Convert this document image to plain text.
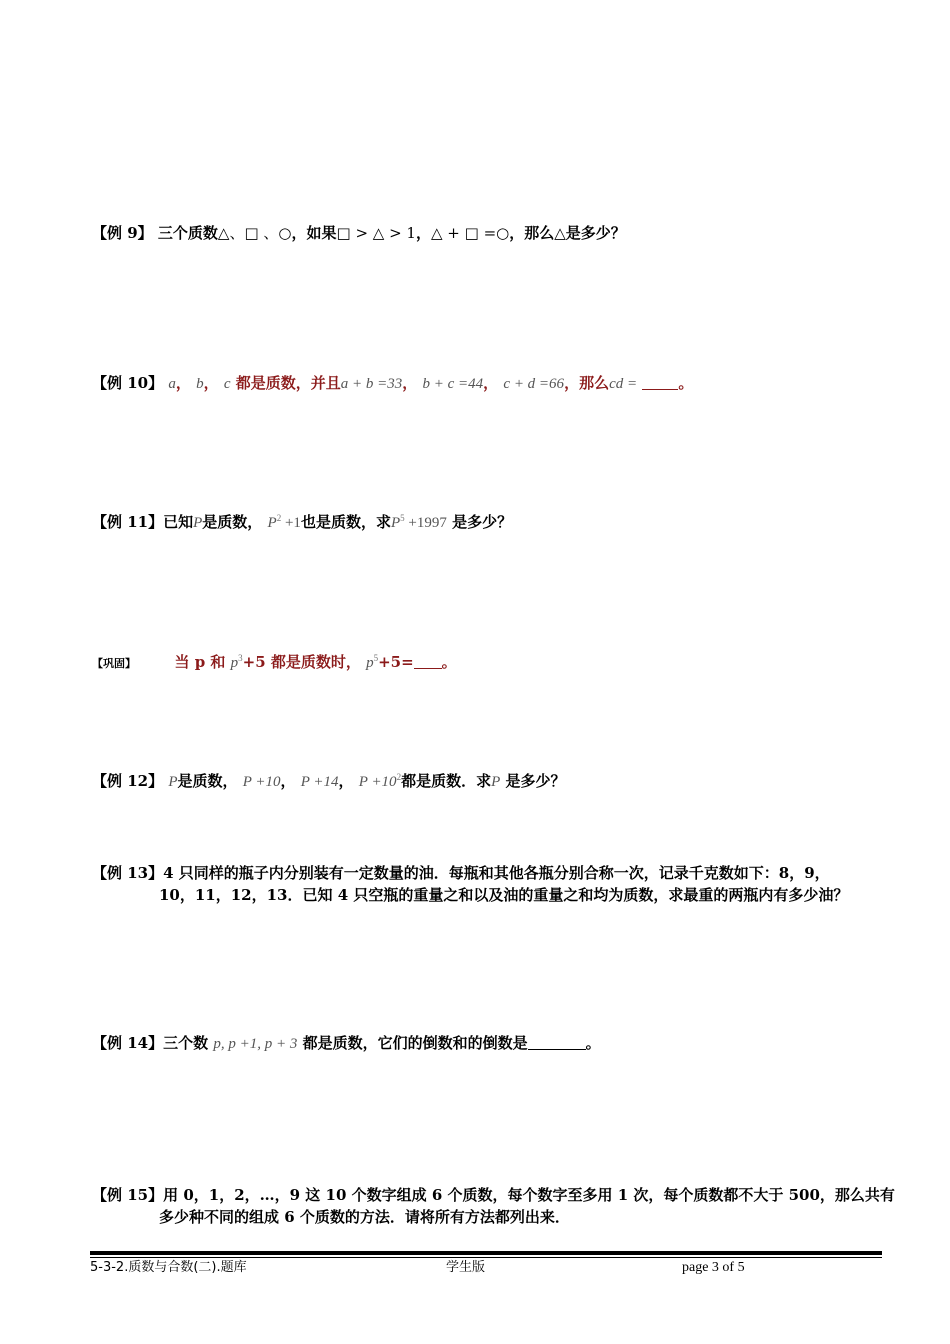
【例 9】 三个质数△、□ 、○，如果□ > △ > 1，△ + □ =○，那么△是多少？
【例 10】 a， b， c 都是质数，并且a + b =33， b + c =44， c + d =66，那么cd =	。
【例 11】已知P是质数， $P^2 +1$也是质数，求$P^5 +1997$ 是多少？
【巩固】	当 p 和 $p^3+5$ 都是质数时， $p^5+5=$ 。
【例 12】 P是质数， P +10， P +14， $P +10^2$都是质数．求P 是多少？
【例 13】4 只同样的瓶子内分别装有一定数量的油．每瓶和其他各瓶分别合称一次，记录千克数如下：8，9，
10，11，12，13．已知 4 只空瓶的重量之和以及油的重量之和均为质数，求最重的两瓶内有多少油？
【例 14】三个数 p, p +1, p + 3 都是质数，它们的倒数和的倒数是	。
【例 15】用 0，1，2，…，9 这 10 个数字组成 6 个质数，每个数字至多用 1 次，每个质数都不大于 500，那么共有
多少种不同的组成 6 个质数的方法．请将所有方法都列出来．
5-3-2.质数与合数(二).题库	学生版	page 3 of 5
